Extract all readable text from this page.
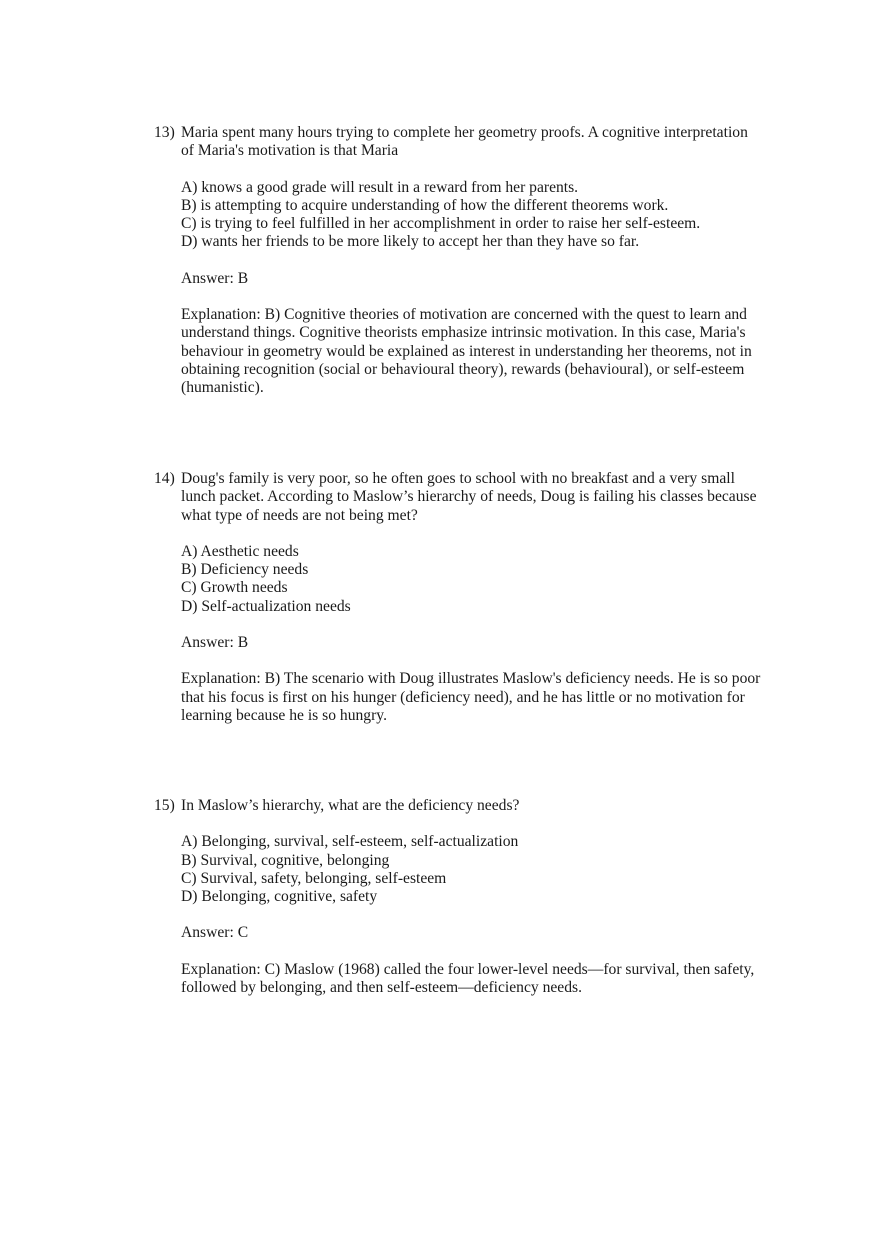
13) Maria spent many hours trying to complete her geometry proofs. A cognitive interpretation of Maria's motivation is that Maria

A) knows a good grade will result in a reward from her parents.
B) is attempting to acquire understanding of how the different theorems work.
C) is trying to feel fulfilled in her accomplishment in order to raise her self-esteem.
D) wants her friends to be more likely to accept her than they have so far.

Answer: B

Explanation: B) Cognitive theories of motivation are concerned with the quest to learn and understand things. Cognitive theorists emphasize intrinsic motivation. In this case, Maria's behaviour in geometry would be explained as interest in understanding her theorems, not in obtaining recognition (social or behavioural theory), rewards (behavioural), or self-esteem (humanistic).

14) Doug's family is very poor, so he often goes to school with no breakfast and a very small lunch packet. According to Maslow’s hierarchy of needs, Doug is failing his classes because what type of needs are not being met?

A) Aesthetic needs
B) Deficiency needs
C) Growth needs
D) Self-actualization needs

Answer: B

Explanation: B) The scenario with Doug illustrates Maslow's deficiency needs. He is so poor that his focus is first on his hunger (deficiency need), and he has little or no motivation for learning because he is so hungry.

15) In Maslow’s hierarchy, what are the deficiency needs?

A) Belonging, survival, self-esteem, self-actualization
B) Survival, cognitive, belonging
C) Survival, safety, belonging, self-esteem
D) Belonging, cognitive, safety

Answer: C

Explanation: C) Maslow (1968) called the four lower-level needs—for survival, then safety, followed by belonging, and then self-esteem—deficiency needs.
